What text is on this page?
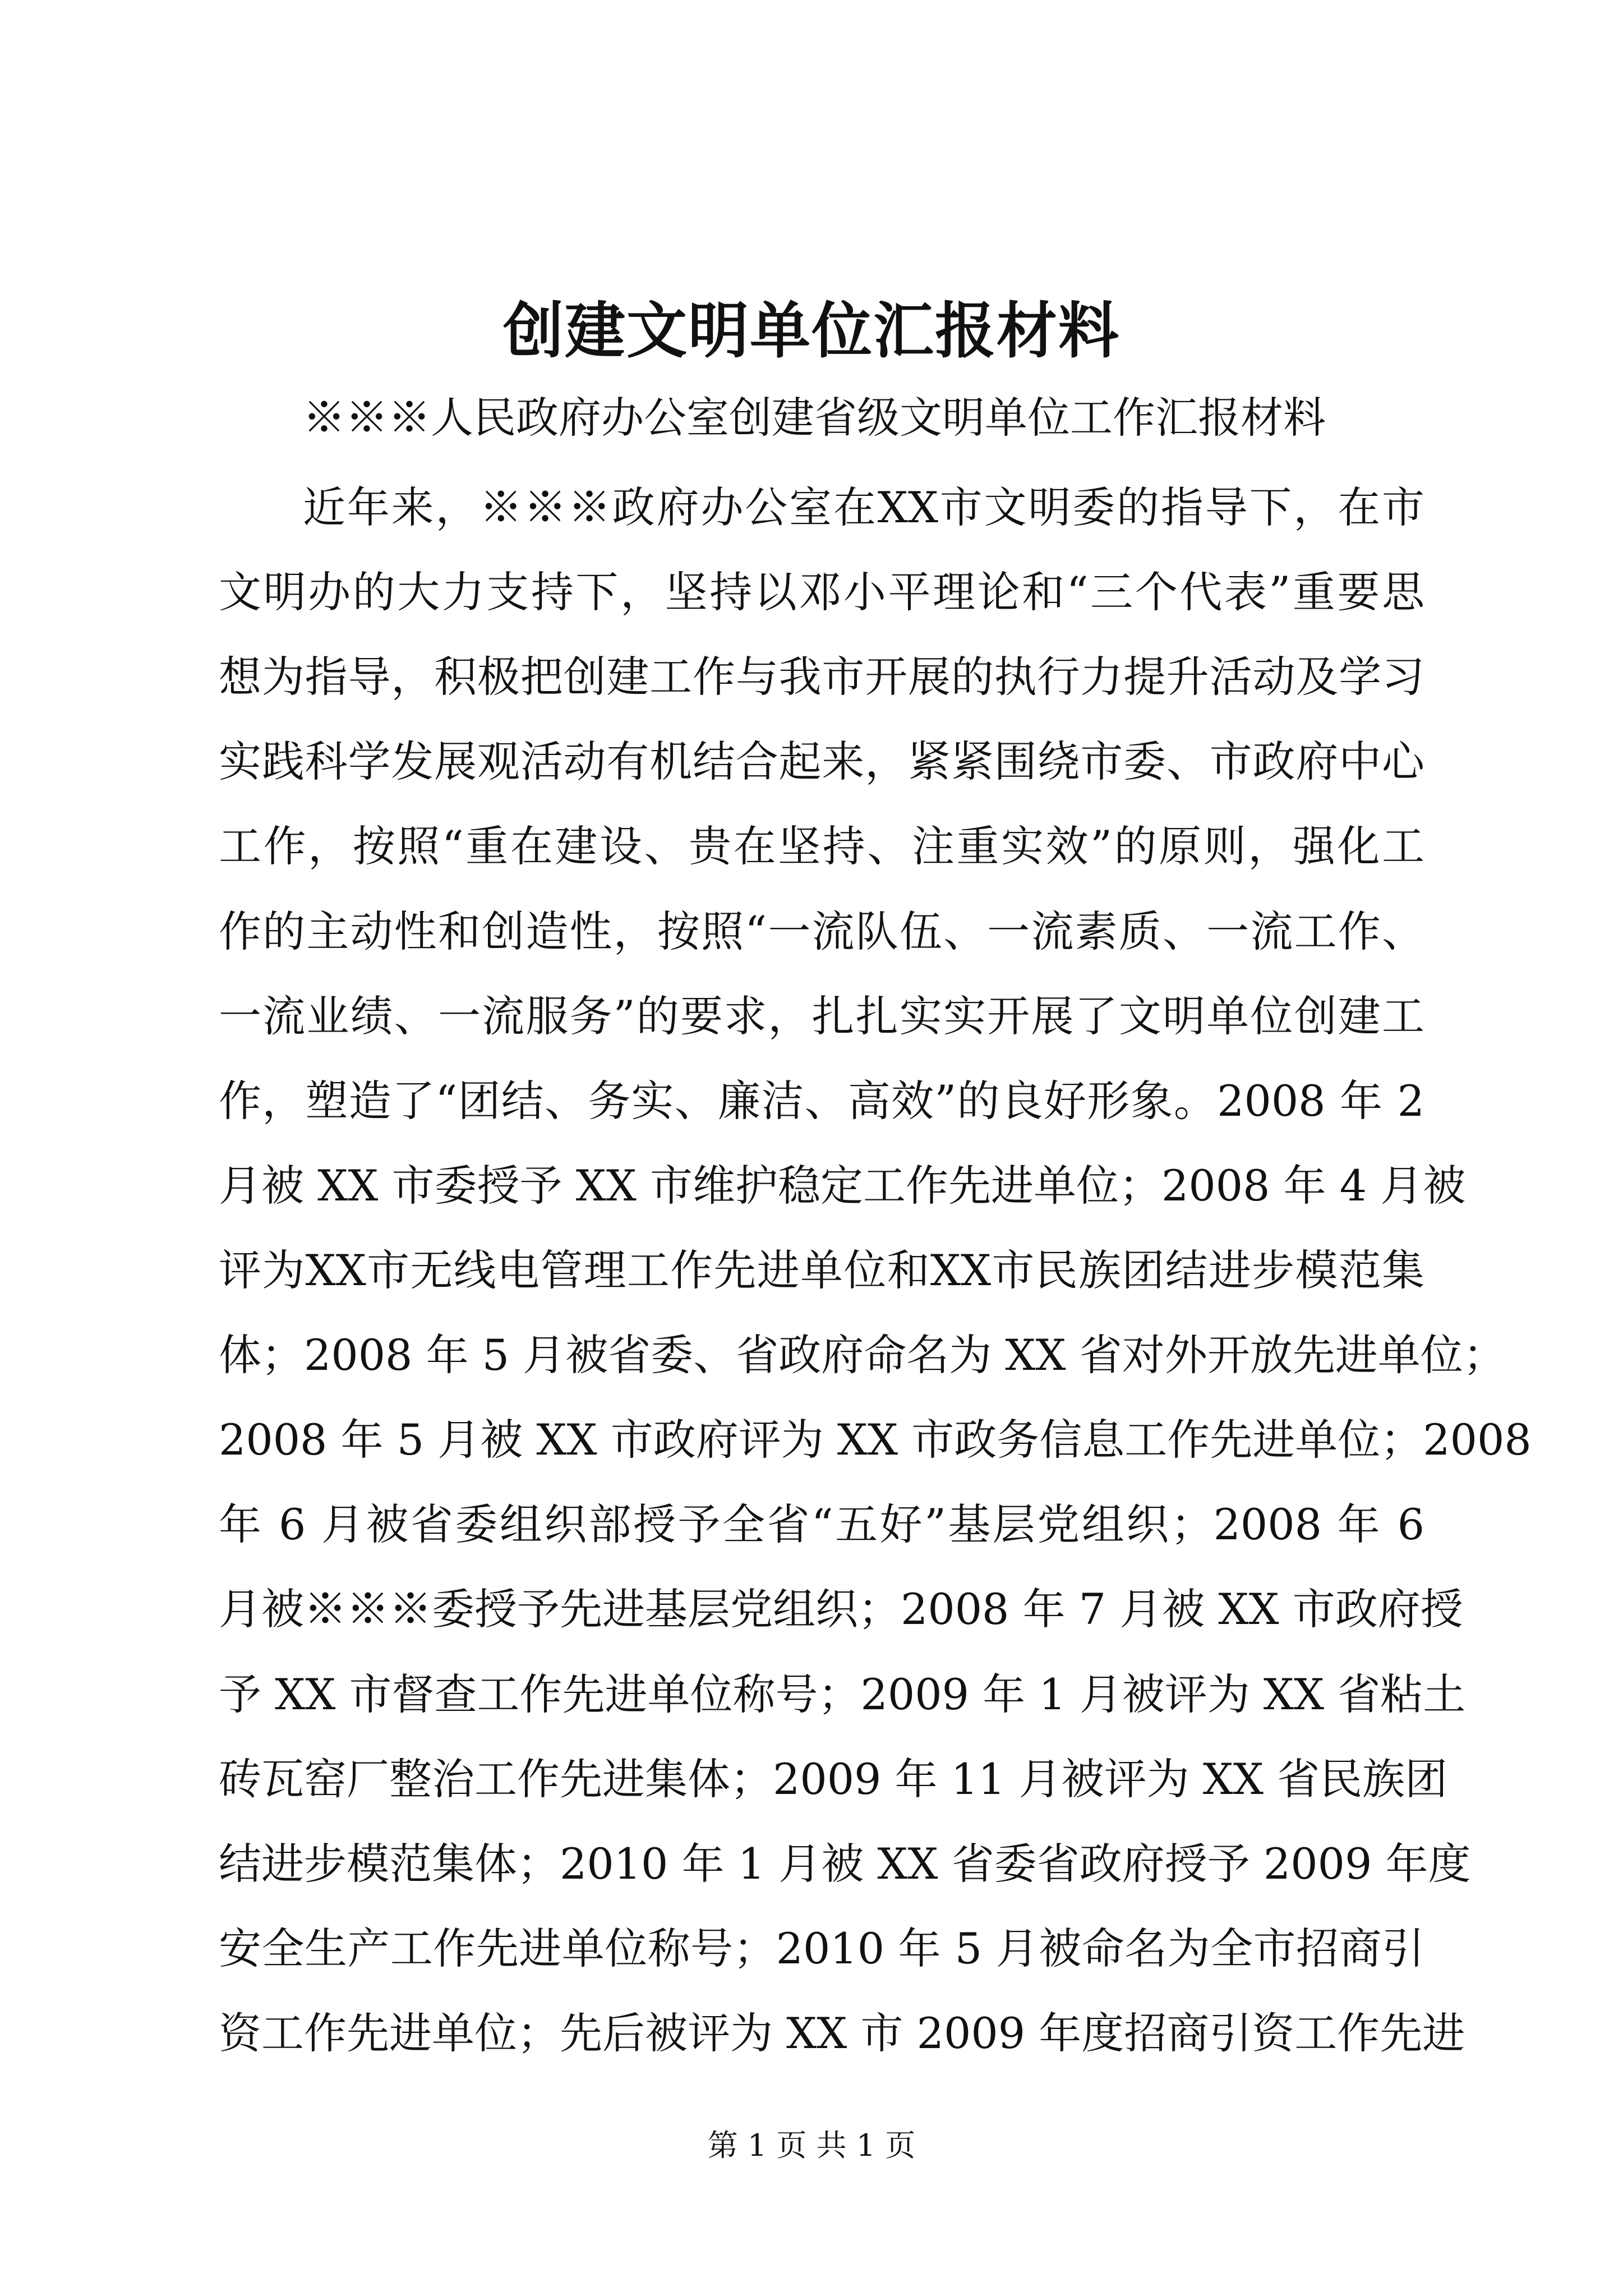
创建文明单位汇报材料
※※※人民政府办公室创建省级文明单位工作汇报材料
近年来，※※※政府办公室在XX市文明委的指导下，在市
文明办的大力支持下，坚持以邓小平理论和“三个代表”重要思
想为指导，积极把创建工作与我市开展的执行力提升活动及学习
实践科学发展观活动有机结合起来，紧紧围绕市委、市政府中心
工作，按照“重在建设、贵在坚持、注重实效”的原则，强化工
作的主动性和创造性，按照“一流队伍、一流素质、一流工作、
一流业绩、一流服务”的要求，扎扎实实开展了文明单位创建工
作，塑造了“团结、务实、廉洁、高效”的良好形象。2008 年 2
月被 XX 市委授予 XX 市维护稳定工作先进单位；2008 年 4 月被
评为XX市无线电管理工作先进单位和XX市民族团结进步模范集
体；2008 年 5 月被省委、省政府命名为 XX 省对外开放先进单位；
2008 年 5 月被 XX 市政府评为 XX 市政务信息工作先进单位；2008
年 6 月被省委组织部授予全省“五好”基层党组织；2008 年 6
月被※※※委授予先进基层党组织；2008 年 7 月被 XX 市政府授
予 XX 市督查工作先进单位称号；2009 年 1 月被评为 XX 省粘土
砖瓦窑厂整治工作先进集体；2009 年 11 月被评为 XX 省民族团
结进步模范集体；2010 年 1 月被 XX 省委省政府授予 2009 年度
安全生产工作先进单位称号；2010 年 5 月被命名为全市招商引
第 1 页 共 1 页
资工作先进单位；先后被评为 XX 市 2009 年度招商引资工作先进
